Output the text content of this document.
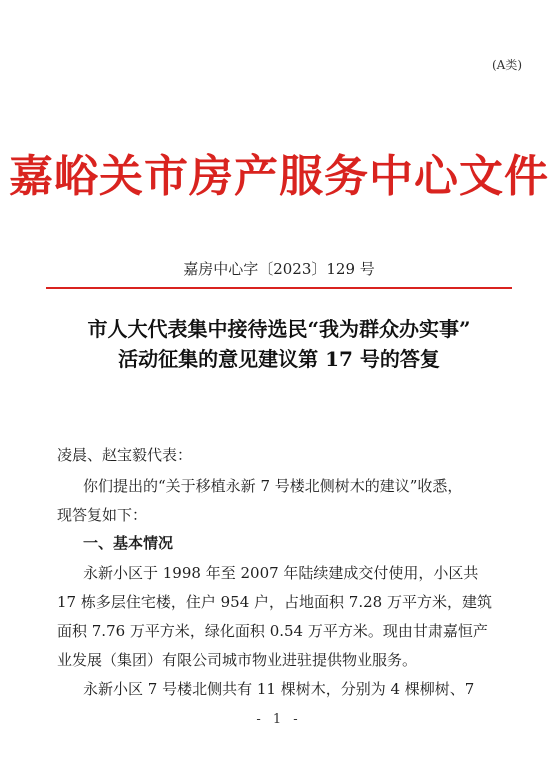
(A类)
嘉峪关市房产服务中心文件
嘉房中心字〔2023〕129 号
市人大代表集中接待选民“我为群众办实事”
活动征集的意见建议第 17 号的答复
凌晨、赵宝毅代表：
你们提出的“关于移植永新 7 号楼北侧树木的建议”收悉，
现答复如下：
一、基本情况
永新小区于 1998 年至 2007 年陆续建成交付使用，小区共
17 栋多层住宅楼，住户 954 户，占地面积 7.28 万平方米，建筑
面积 7.76 万平方米，绿化面积 0.54 万平方米。现由甘肃嘉恒产
业发展（集团）有限公司城市物业进驻提供物业服务。
永新小区 7 号楼北侧共有 11 棵树木，分别为 4 棵柳树、7
- 1 -
